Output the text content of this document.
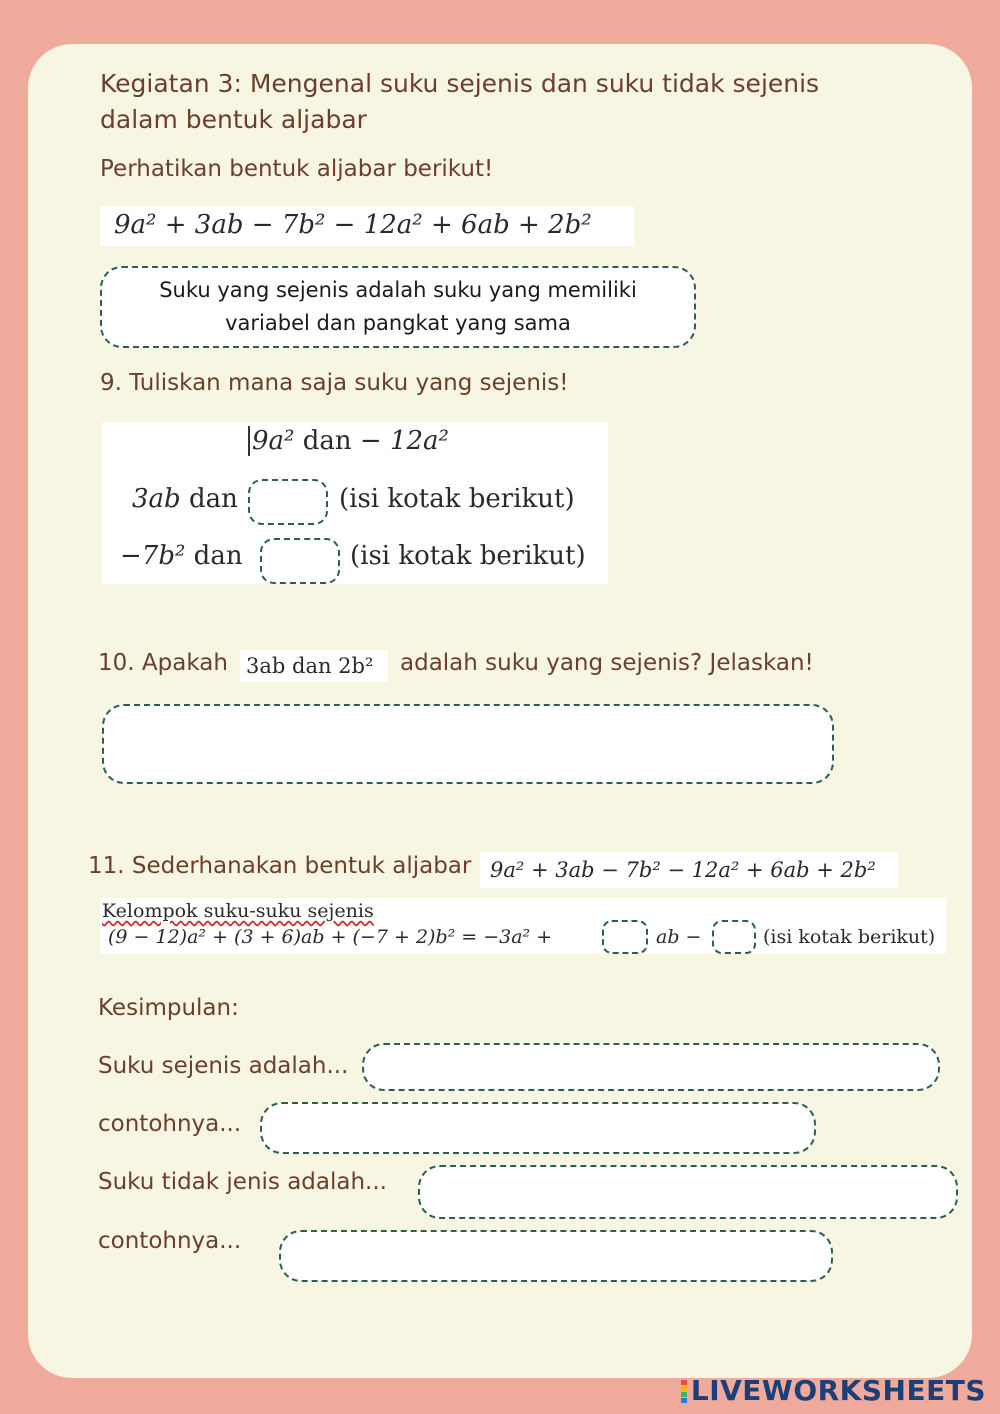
Kegiatan 3: Mengenal suku sejenis dan suku tidak sejenis dalam bentuk aljabar
Perhatikan bentuk aljabar berikut!
9a² + 3ab − 7b² − 12a² + 6ab + 2b²
Suku yang sejenis adalah suku yang memiliki variabel dan pangkat yang sama
9. Tuliskan mana saja suku yang sejenis!
9a² dan − 12a²
3ab dan	(isi kotak berikut)
−7b² dan	(isi kotak berikut)
10. Apakah 3ab dan 2b²	adalah suku yang sejenis? Jelaskan!
11. Sederhanakan bentuk aljabar 9a² + 3ab − 7b² − 12a² + 6ab + 2b²
Kelompok suku-suku sejenis
(9 − 12)a² + (3 + 6)ab + (−7 + 2)b² = −3a² +	ab −	(isi kotak berikut)
Kesimpulan:
Suku sejenis adalah...
contohnya...
Suku tidak jenis adalah...
contohnya...
LIVEWORKSHEETS
